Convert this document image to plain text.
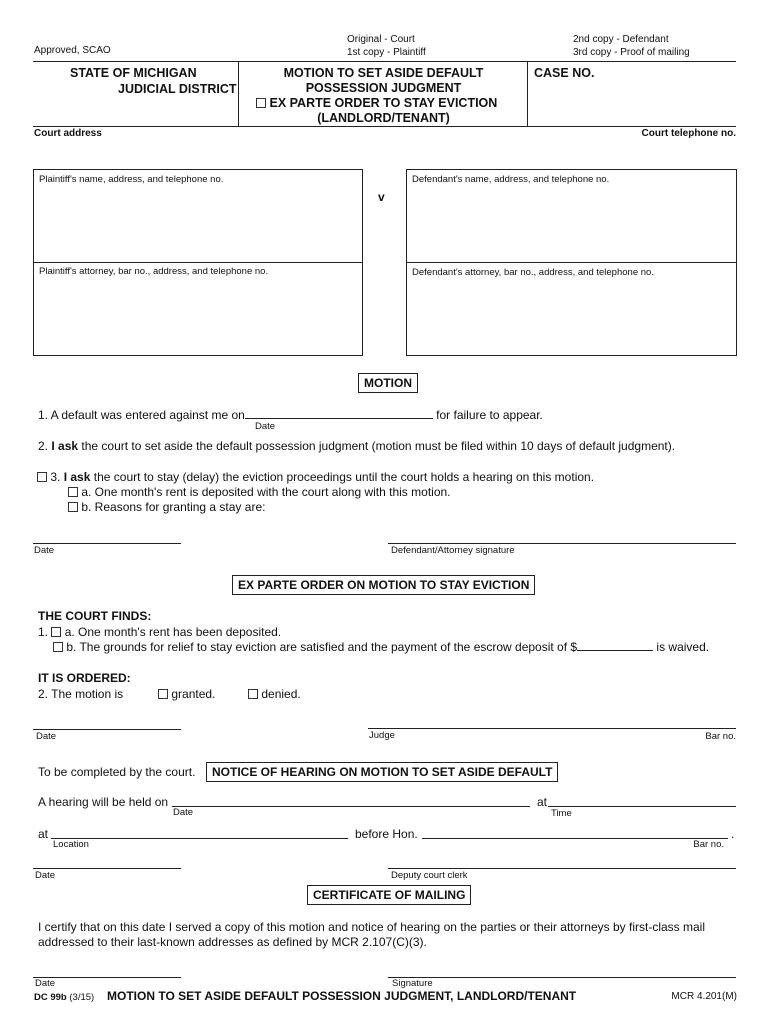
Approved, SCAO
Original - Court
1st copy - Plaintiff
2nd copy - Defendant
3rd copy - Proof of mailing
STATE OF MICHIGAN
JUDICIAL DISTRICT
MOTION TO SET ASIDE DEFAULT
POSSESSION JUDGMENT
EX PARTE ORDER TO STAY EVICTION
(LANDLORD/TENANT)
CASE NO.
Court address	Court telephone no.
Plaintiff's name, address, and telephone no.
Plaintiff's attorney, bar no., address, and telephone no.
v
Defendant's name, address, and telephone no.
Defendant's attorney, bar no., address, and telephone no.
MOTION
1. A default was entered against me on	for failure to appear.
Date
2. I ask the court to set aside the default possession judgment (motion must be filed within 10 days of default judgment).
3. I ask the court to stay (delay) the eviction proceedings until the court holds a hearing on this motion.
a. One month's rent is deposited with the court along with this motion.
b. Reasons for granting a stay are:
Date	Defendant/Attorney signature
EX PARTE ORDER ON MOTION TO STAY EVICTION
THE COURT FINDS:
1. a. One month's rent has been deposited.
b. The grounds for relief to stay eviction are satisfied and the payment of the escrow deposit of $	is waived.
IT IS ORDERED:
2. The motion is	granted.	denied.
Date	Judge	Bar no.
To be completed by the court.	NOTICE OF HEARING ON MOTION TO SET ASIDE DEFAULT
A hearing will be held on
Date
at
Time
at
Location
before Hon.	.
Bar no.
Date	Deputy court clerk
CERTIFICATE OF MAILING
I certify that on this date I served a copy of this motion and notice of hearing on the parties or their attorneys by first-class mail
addressed to their last-known addresses as defined by MCR 2.107(C)(3).
Date	Signature
DC 99b (3/15) MOTION TO SET ASIDE DEFAULT POSSESSION JUDGMENT, LANDLORD/TENANT	MCR 4.201(M)
